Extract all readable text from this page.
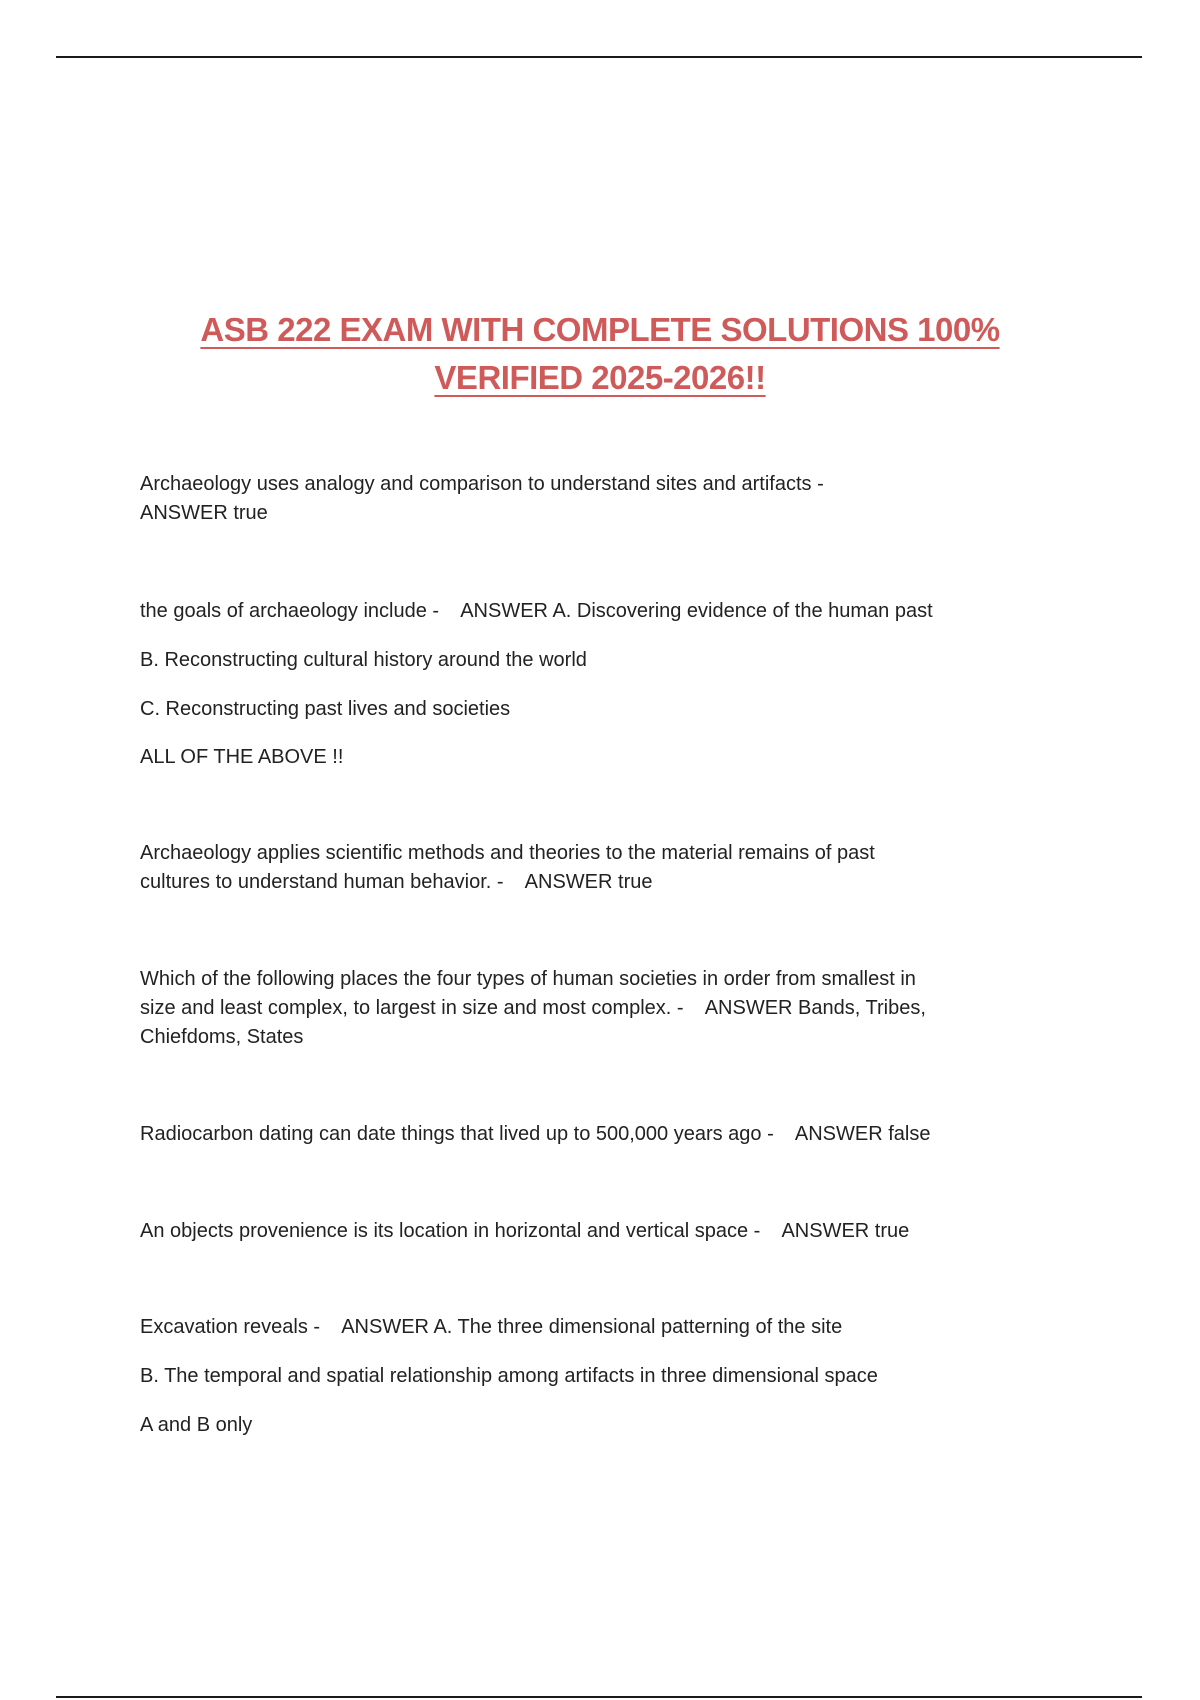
ASB 222 EXAM WITH COMPLETE SOLUTIONS 100%
VERIFIED 2025-2026!!

Archaeology uses analogy and comparison to understand sites and artifacts -
ANSWER true

the goals of archaeology include -    ANSWER A. Discovering evidence of the human past

B. Reconstructing cultural history around the world

C. Reconstructing past lives and societies

ALL OF THE ABOVE !!

Archaeology applies scientific methods and theories to the material remains of past
cultures to understand human behavior. -    ANSWER true

Which of the following places the four types of human societies in order from smallest in
size and least complex, to largest in size and most complex. -    ANSWER Bands, Tribes,
Chiefdoms, States

Radiocarbon dating can date things that lived up to 500,000 years ago -    ANSWER false

An objects provenience is its location in horizontal and vertical space -    ANSWER true

Excavation reveals -    ANSWER A. The three dimensional patterning of the site

B. The temporal and spatial relationship among artifacts in three dimensional space

A and B only
